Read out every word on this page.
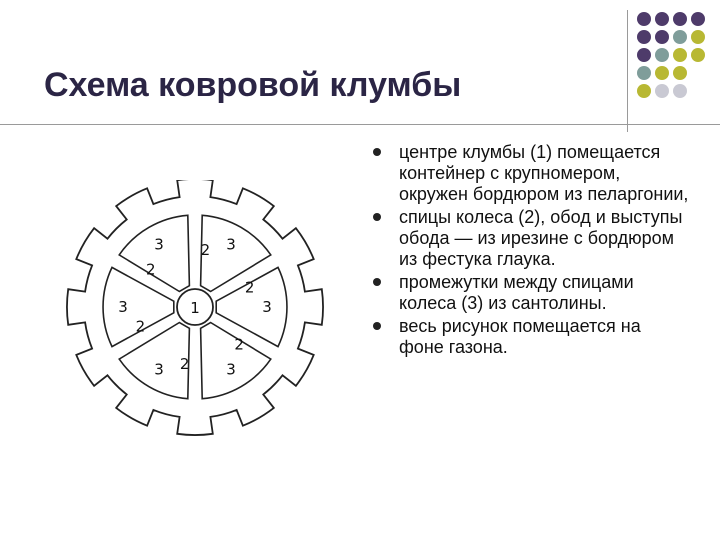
Схема ковровой клумбы
1
2 3
2
3
2
3
2
3
2
3
2
3
центре клумбы (1) помещается контейнер с крупномером, окружен бордюром из пеларгонии,
спицы колеса (2), обод и выступы обода — из ирезине с бордюром из фестука глаука.
промежутки между спицами колеса (3) из сантолины.
весь рисунок помещается на фоне газона.
